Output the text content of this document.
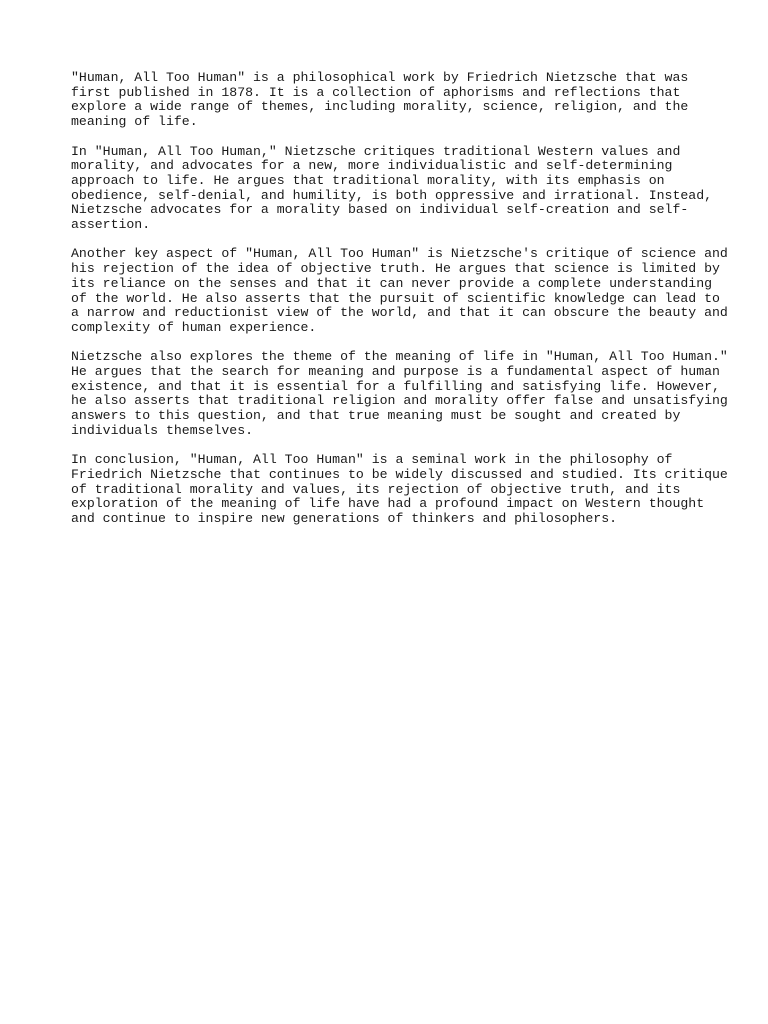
"Human, All Too Human" is a philosophical work by Friedrich Nietzsche that was
first published in 1878. It is a collection of aphorisms and reflections that
explore a wide range of themes, including morality, science, religion, and the
meaning of life.

In "Human, All Too Human," Nietzsche critiques traditional Western values and
morality, and advocates for a new, more individualistic and self-determining
approach to life. He argues that traditional morality, with its emphasis on
obedience, self-denial, and humility, is both oppressive and irrational. Instead,
Nietzsche advocates for a morality based on individual self-creation and self-
assertion.

Another key aspect of "Human, All Too Human" is Nietzsche's critique of science and
his rejection of the idea of objective truth. He argues that science is limited by
its reliance on the senses and that it can never provide a complete understanding
of the world. He also asserts that the pursuit of scientific knowledge can lead to
a narrow and reductionist view of the world, and that it can obscure the beauty and
complexity of human experience.

Nietzsche also explores the theme of the meaning of life in "Human, All Too Human."
He argues that the search for meaning and purpose is a fundamental aspect of human
existence, and that it is essential for a fulfilling and satisfying life. However,
he also asserts that traditional religion and morality offer false and unsatisfying
answers to this question, and that true meaning must be sought and created by
individuals themselves.

In conclusion, "Human, All Too Human" is a seminal work in the philosophy of
Friedrich Nietzsche that continues to be widely discussed and studied. Its critique
of traditional morality and values, its rejection of objective truth, and its
exploration of the meaning of life have had a profound impact on Western thought
and continue to inspire new generations of thinkers and philosophers.
